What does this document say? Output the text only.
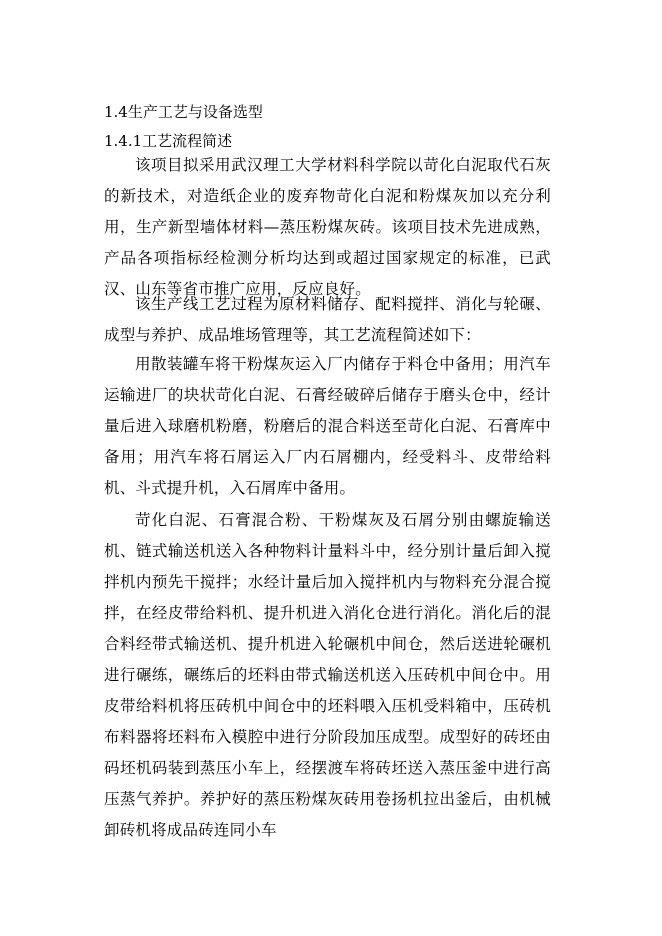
1.4生产工艺与设备选型
1.4.1工艺流程简述

该项目拟采用武汉理工大学材料科学院以苛化白泥取代石灰的新技术，对造纸企业的废弃物苛化白泥和粉煤灰加以充分利用，生产新型墙体材料—蒸压粉煤灰砖。该项目技术先进成熟，产品各项指标经检测分析均达到或超过国家规定的标准，已武汉、山东等省市推广应用，反应良好。

该生产线工艺过程为原材料储存、配料搅拌、消化与轮碾、成型与养护、成品堆场管理等，其工艺流程简述如下：

用散装罐车将干粉煤灰运入厂内储存于料仓中备用；用汽车运输进厂的块状苛化白泥、石膏经破碎后储存于磨头仓中，经计量后进入球磨机粉磨，粉磨后的混合料送至苛化白泥、石膏库中备用；用汽车将石屑运入厂内石屑棚内，经受料斗、皮带给料机、斗式提升机，入石屑库中备用。

苛化白泥、石膏混合粉、干粉煤灰及石屑分别由螺旋输送机、链式输送机送入各种物料计量料斗中，经分别计量后卸入搅拌机内预先干搅拌；水经计量后加入搅拌机内与物料充分混合搅拌，在经皮带给料机、提升机进入消化仓进行消化。消化后的混合料经带式输送机、提升机进入轮碾机中间仓，然后送进轮碾机进行碾练，碾练后的坯料由带式输送机送入压砖机中间仓中。用皮带给料机将压砖机中间仓中的坯料喂入压机受料箱中，压砖机布料器将坯料布入模腔中进行分阶段加压成型。成型好的砖坯由码坯机码装到蒸压小车上，经摆渡车将砖坯送入蒸压釜中进行高压蒸气养护。养护好的蒸压粉煤灰砖用卷扬机拉出釜后，由机械卸砖机将成品砖连同小车
